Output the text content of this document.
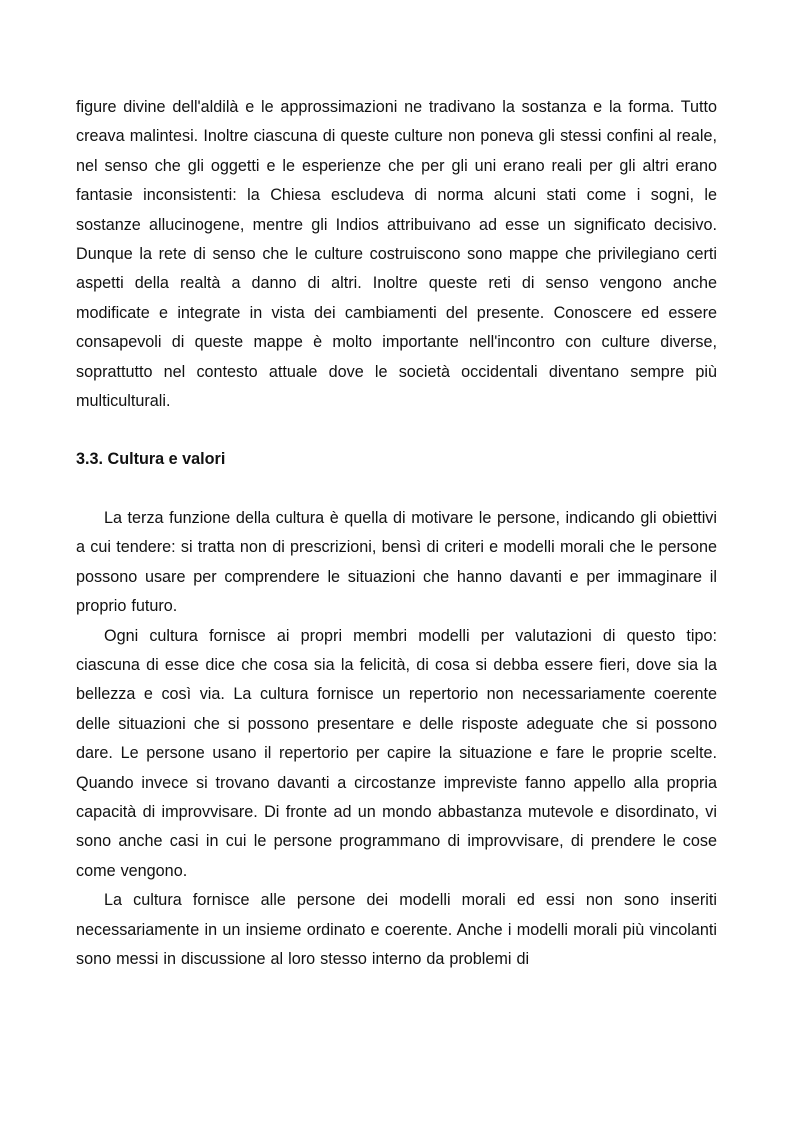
figure divine dell'aldilà e le approssimazioni ne tradivano la sostanza e la forma. Tutto creava malintesi. Inoltre ciascuna di queste culture non poneva gli stessi confini al reale, nel senso che gli oggetti e le esperienze che per gli uni erano reali per gli altri erano fantasie inconsistenti: la Chiesa escludeva di norma alcuni stati come i sogni, le sostanze allucinogene, mentre gli Indios attribuivano ad esse un significato decisivo. Dunque la rete di senso che le culture costruiscono sono mappe che privilegiano certi aspetti della realtà a danno di altri. Inoltre queste reti di senso vengono anche modificate e integrate in vista dei cambiamenti del presente. Conoscere ed essere consapevoli di queste mappe è molto importante nell'incontro con culture diverse, soprattutto nel contesto attuale dove le società occidentali diventano sempre più multiculturali.

3.3. Cultura e valori

La terza funzione della cultura è quella di motivare le persone, indicando gli obiettivi a cui tendere: si tratta non di prescrizioni, bensì di criteri e modelli morali che le persone possono usare per comprendere le situazioni che hanno davanti e per immaginare il proprio futuro.

Ogni cultura fornisce ai propri membri modelli per valutazioni di questo tipo: ciascuna di esse dice che cosa sia la felicità, di cosa si debba essere fieri, dove sia la bellezza e così via. La cultura fornisce un repertorio non necessariamente coerente delle situazioni che si possono presentare e delle risposte adeguate che si possono dare. Le persone usano il repertorio per capire la situazione e fare le proprie scelte. Quando invece si trovano davanti a circostanze impreviste fanno appello alla propria capacità di improvvisare. Di fronte ad un mondo abbastanza mutevole e disordinato, vi sono anche casi in cui le persone programmano di improvvisare, di prendere le cose come vengono.

La cultura fornisce alle persone dei modelli morali ed essi non sono inseriti necessariamente in un insieme ordinato e coerente. Anche i modelli morali più vincolanti sono messi in discussione al loro stesso interno da problemi di
